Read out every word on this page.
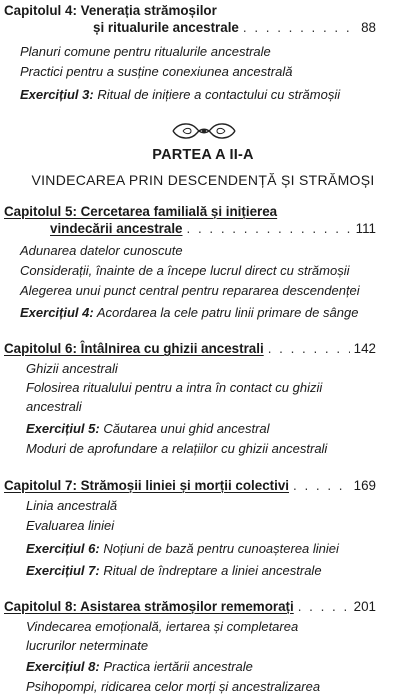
Capitolul 4: Venerația strămoșilor
și ritualurile ancestrale . . .	88
Planuri comune pentru ritualurile ancestrale
Practici pentru a susține conexiunea ancestrală
Exercițiul 3: Ritual de inițiere a contactului cu strămoșii
PARTEA A II-A
VINDECAREA PRIN DESCENDENȚĂ ȘI STRĂMOȘI
Capitolul 5: Cercetarea familială și inițierea
vindecării ancestrale . . .	111
Adunarea datelor cunoscute
Considerații, înainte de a începe lucrul direct cu strămoșii
Alegerea unui punct central pentru repararea descendenței
Exercițiul 4: Acordarea la cele patru linii primare de sânge
Capitolul 6: Întâlnirea cu ghizii ancestrali . . .	142
Ghizii ancestrali
Folosirea ritualului pentru a intra în contact cu ghizii
ancestrali
Exercițiul 5: Căutarea unui ghid ancestral
Moduri de aprofundare a relațiilor cu ghizii ancestrali
Capitolul 7: Strămoșii liniei și morții colectivi . . .	169
Linia ancestrală
Evaluarea liniei
Exercițiul 6: Noțiuni de bază pentru cunoașterea liniei
Exercițiul 7: Ritual de îndreptare a liniei ancestrale
Capitolul 8: Asistarea strămoșilor rememorați . . .	201
Vindecarea emoțională, iertarea și completarea
lucrurilor neterminate
Exercițiul 8: Practica iertării ancestrale
Psihopompi, ridicarea celor morți și ancestralizarea
